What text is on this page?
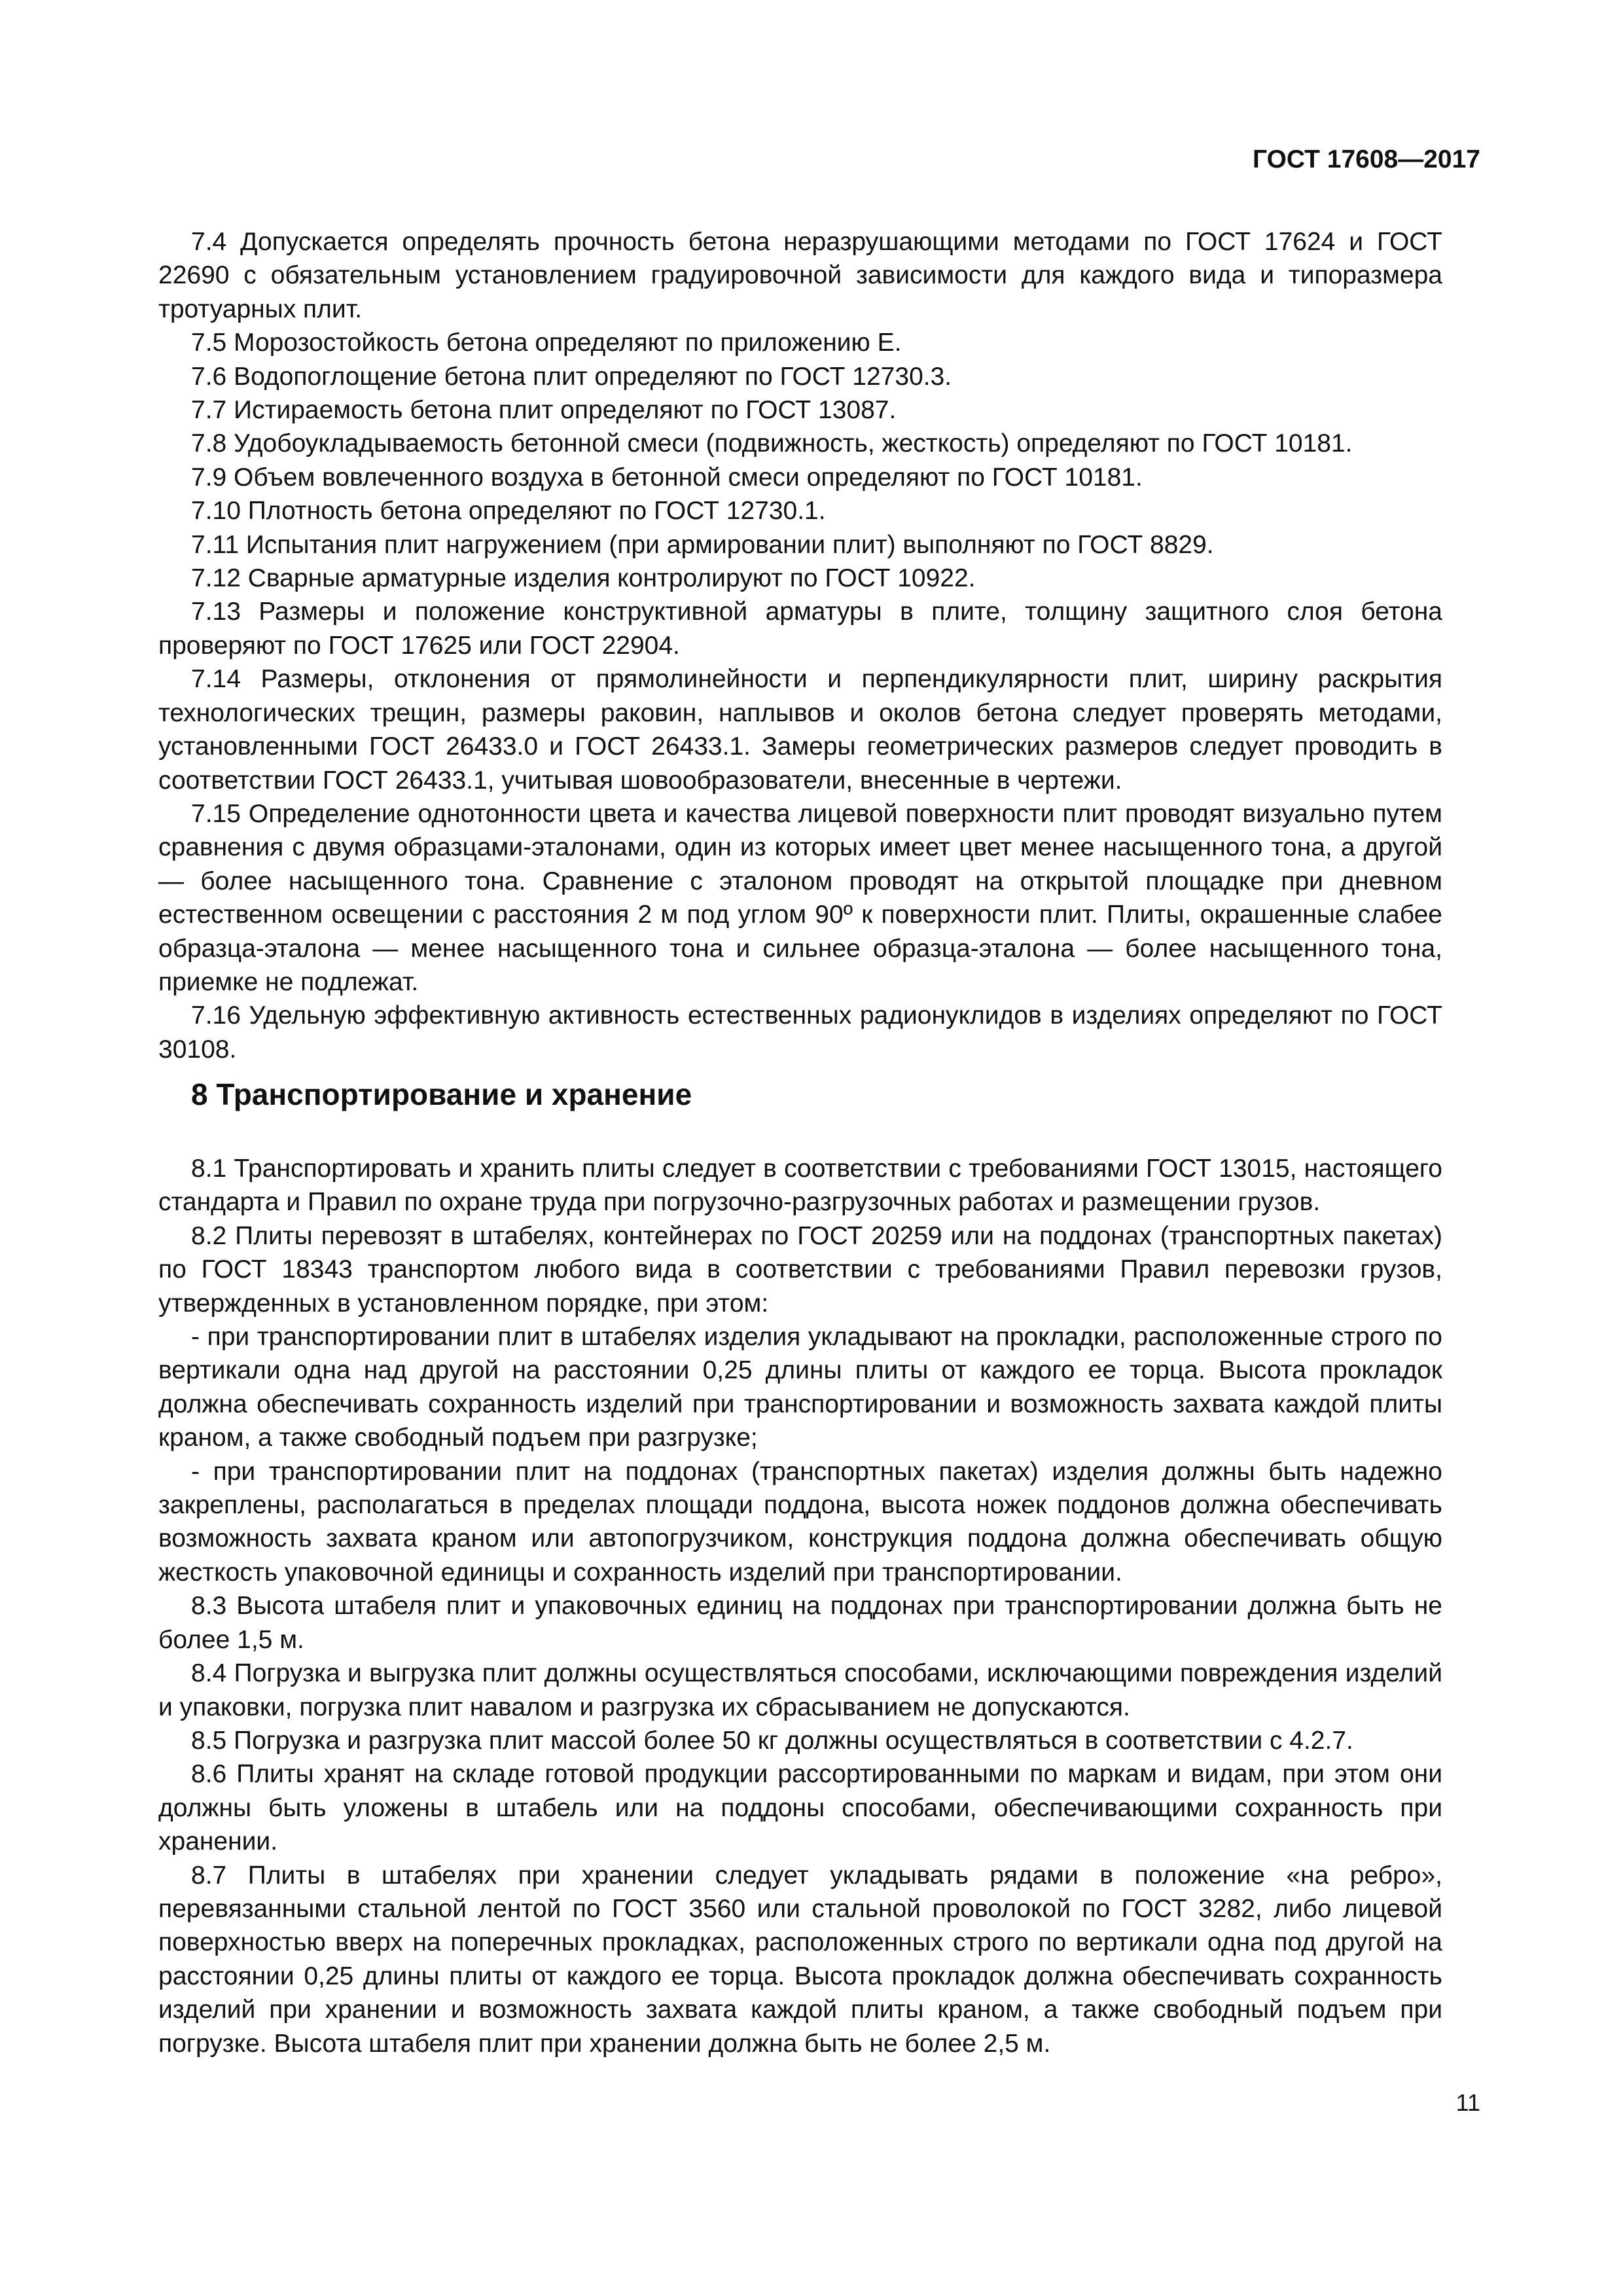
ГОСТ 17608—2017

7.4 Допускается определять прочность бетона неразрушающими методами по ГОСТ 17624 и ГОСТ 22690 с обязательным установлением градуировочной зависимости для каждого вида и типоразмера тротуарных плит.

7.5 Морозостойкость бетона определяют по приложению Е.

7.6 Водопоглощение бетона плит определяют по ГОСТ 12730.3.

7.7 Истираемость бетона плит определяют по ГОСТ 13087.

7.8 Удобоукладываемость бетонной смеси (подвижность, жесткость) определяют по ГОСТ 10181.

7.9 Объем вовлеченного воздуха в бетонной смеси определяют по ГОСТ 10181.

7.10 Плотность бетона определяют по ГОСТ 12730.1.

7.11 Испытания плит нагружением (при армировании плит) выполняют по ГОСТ 8829.

7.12 Сварные арматурные изделия контролируют по ГОСТ 10922.

7.13 Размеры и положение конструктивной арматуры в плите, толщину защитного слоя бетона проверяют по ГОСТ 17625 или ГОСТ 22904.

7.14 Размеры, отклонения от прямолинейности и перпендикулярности плит, ширину раскрытия технологических трещин, размеры раковин, наплывов и околов бетона следует проверять методами, установленными ГОСТ 26433.0 и ГОСТ 26433.1. Замеры геометрических размеров следует проводить в соответствии ГОСТ 26433.1, учитывая шовообразователи, внесенные в чертежи.

7.15 Определение однотонности цвета и качества лицевой поверхности плит проводят визуально путем сравнения с двумя образцами-эталонами, один из которых имеет цвет менее насыщенного тона, а другой — более насыщенного тона. Сравнение с эталоном проводят на открытой площадке при дневном естественном освещении с расстояния 2 м под углом 90º к поверхности плит. Плиты, окрашенные слабее образца-эталона — менее насыщенного тона и сильнее образца-эталона — более насыщенного тона, приемке не подлежат.

7.16 Удельную эффективную активность естественных радионуклидов в изделиях определяют по ГОСТ 30108.

8 Транспортирование и хранение

8.1 Транспортировать и хранить плиты следует в соответствии с требованиями ГОСТ 13015, настоящего стандарта и Правил по охране труда при погрузочно-разгрузочных работах и размещении грузов.

8.2 Плиты перевозят в штабелях, контейнерах по ГОСТ 20259 или на поддонах (транспортных пакетах) по ГОСТ 18343 транспортом любого вида в соответствии с требованиями Правил перевозки грузов, утвержденных в установленном порядке, при этом:

- при транспортировании плит в штабелях изделия укладывают на прокладки, расположенные строго по вертикали одна над другой на расстоянии 0,25 длины плиты от каждого ее торца. Высота прокладок должна обеспечивать сохранность изделий при транспортировании и возможность захвата каждой плиты краном, а также свободный подъем при разгрузке;

- при транспортировании плит на поддонах (транспортных пакетах) изделия должны быть надежно закреплены, располагаться в пределах площади поддона, высота ножек поддонов должна обеспечивать возможность захвата краном или автопогрузчиком, конструкция поддона должна обеспечивать общую жесткость упаковочной единицы и сохранность изделий при транспортировании.

8.3 Высота штабеля плит и упаковочных единиц на поддонах при транспортировании должна быть не более 1,5 м.

8.4 Погрузка и выгрузка плит должны осуществляться способами, исключающими повреждения изделий и упаковки, погрузка плит навалом и разгрузка их сбрасыванием не допускаются.

8.5 Погрузка и разгрузка плит массой более 50 кг должны осуществляться в соответствии с 4.2.7.

8.6 Плиты хранят на складе готовой продукции рассортированными по маркам и видам, при этом они должны быть уложены в штабель или на поддоны способами, обеспечивающими сохранность при хранении.

8.7 Плиты в штабелях при хранении следует укладывать рядами в положение «на ребро», перевязанными стальной лентой по ГОСТ 3560 или стальной проволокой по ГОСТ 3282, либо лицевой поверхностью вверх на поперечных прокладках, расположенных строго по вертикали одна под другой на расстоянии 0,25 длины плиты от каждого ее торца. Высота прокладок должна обеспечивать сохранность изделий при хранении и возможность захвата каждой плиты краном, а также свободный подъем при погрузке. Высота штабеля плит при хранении должна быть не более 2,5 м.

11
